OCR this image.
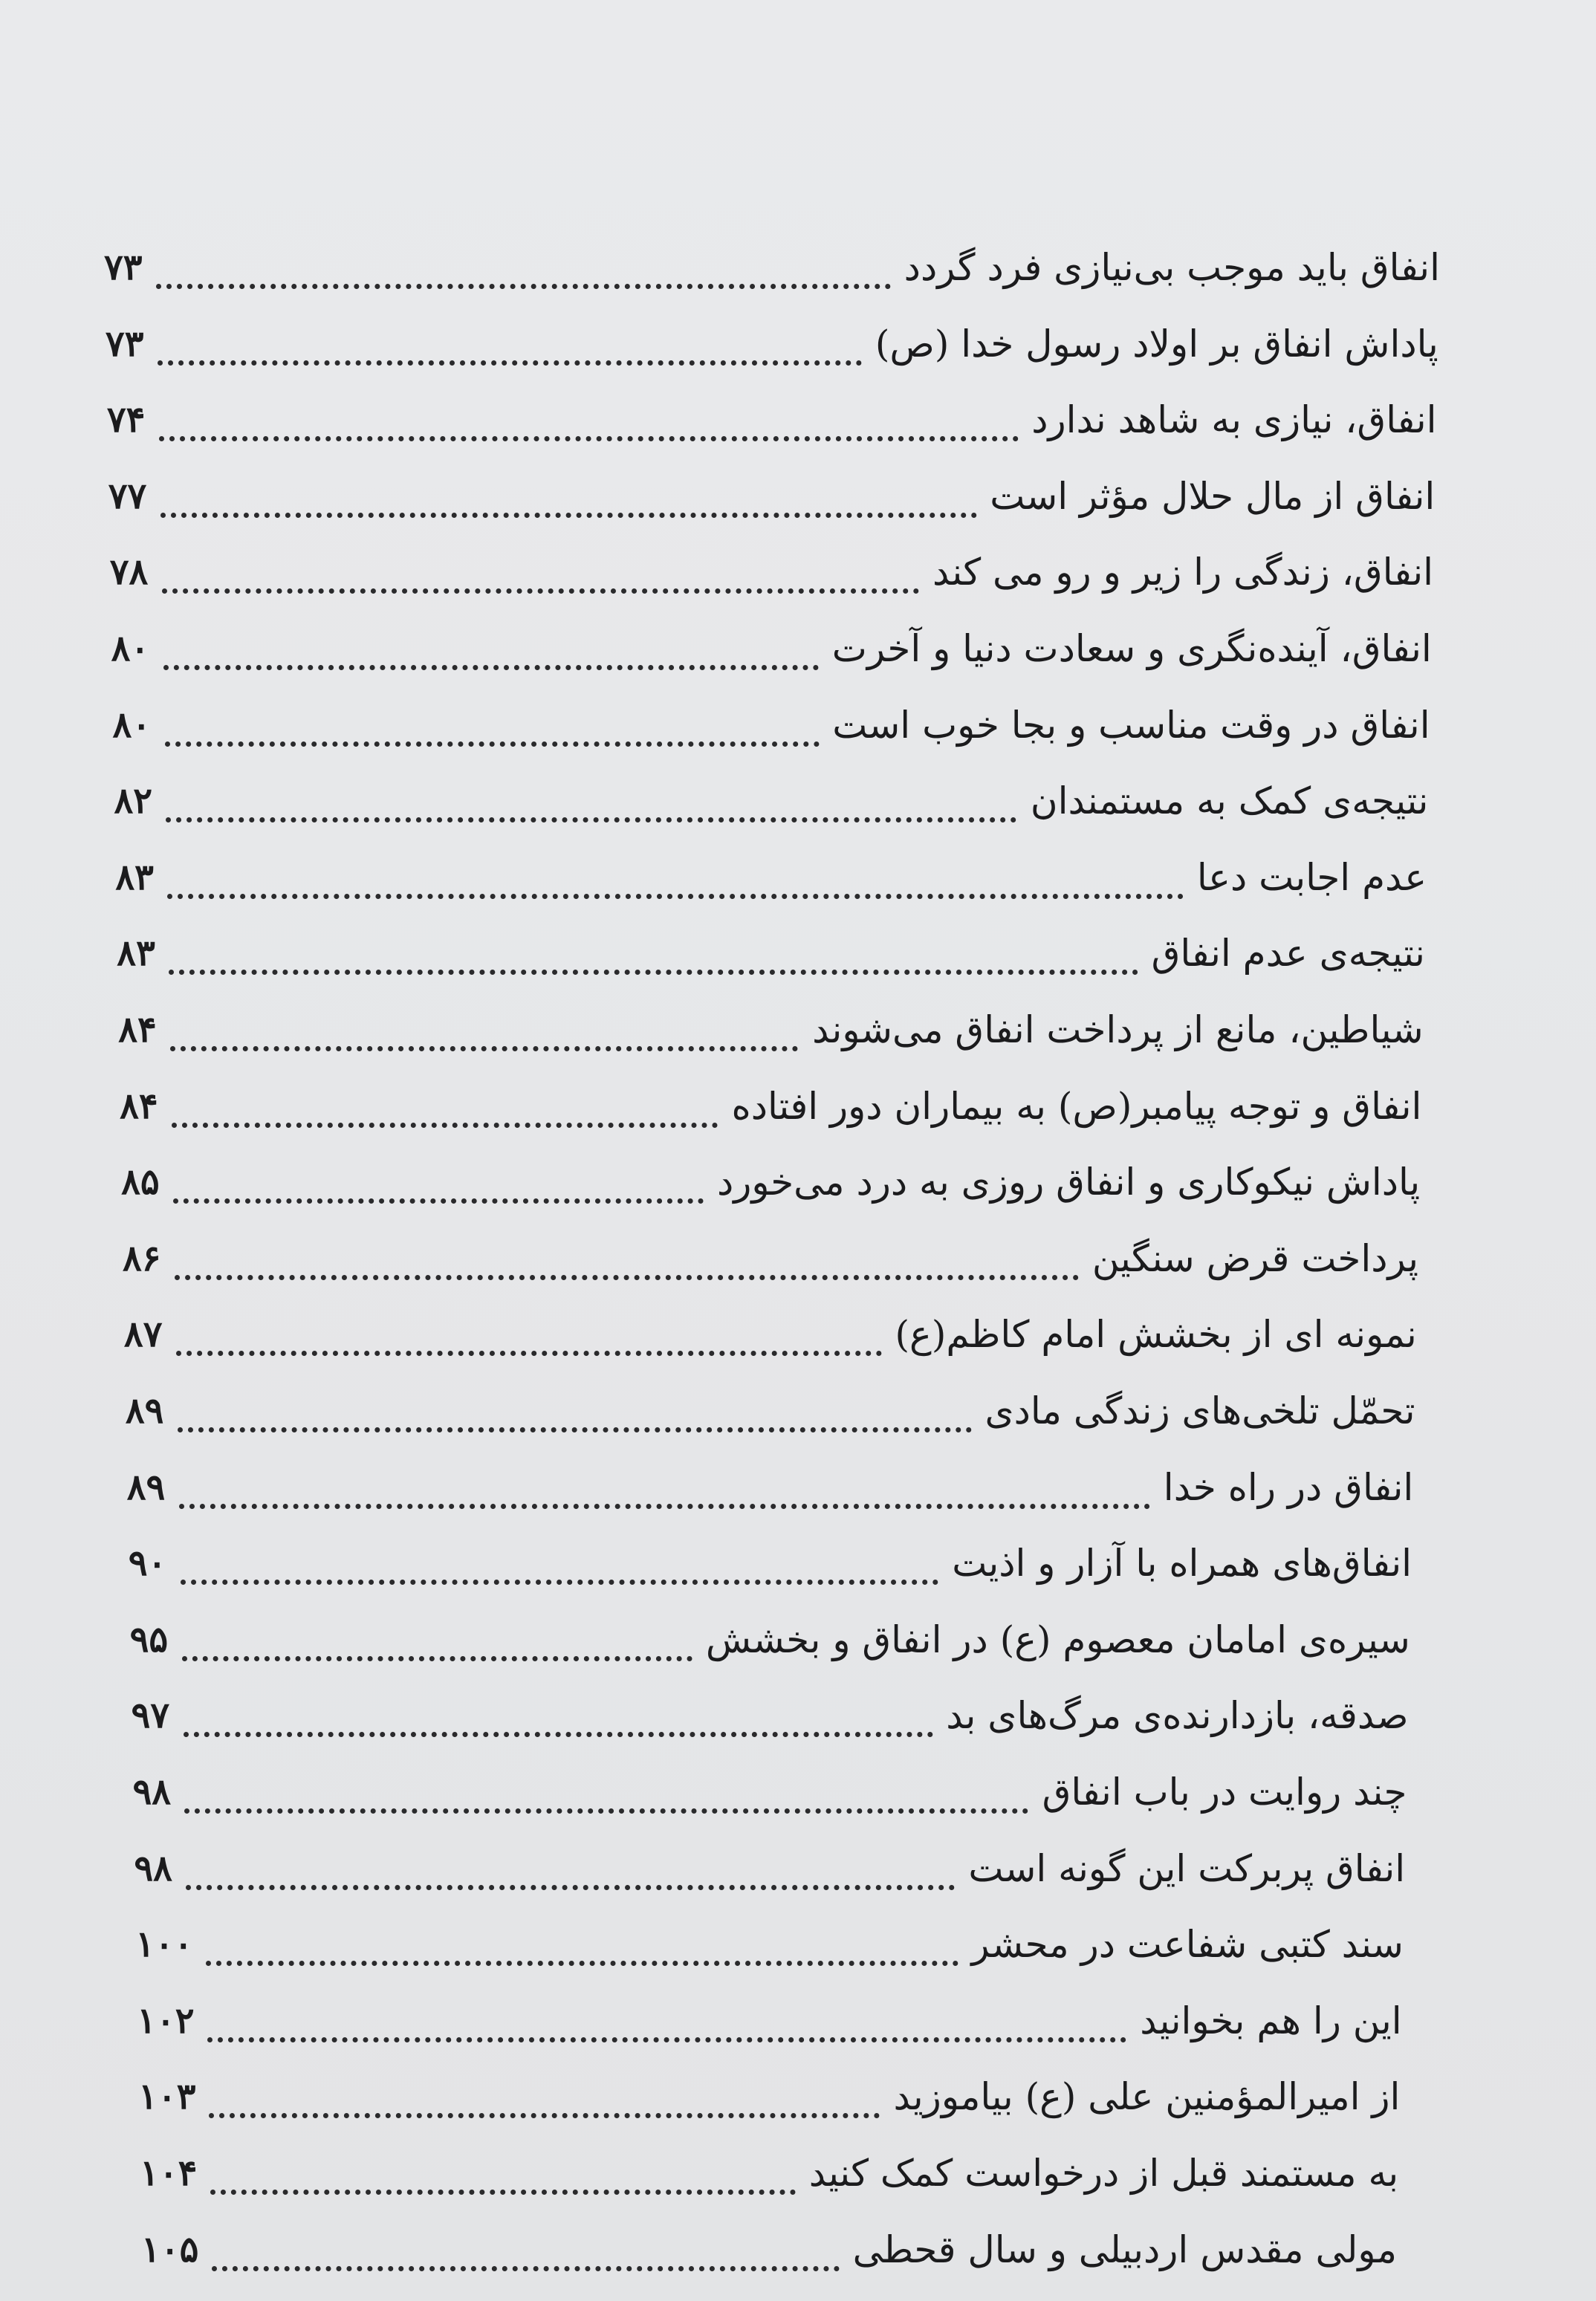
انفاق باید موجب بی‌نیازی فرد گردد
۷۳
پاداش انفاق بر اولاد رسول خدا (ص)
۷۳
انفاق، نیازی به شاهد ندارد
۷۴
انفاق از مال حلال مؤثر است
۷۷
انفاق، زندگی را زیر و رو می کند
۷۸
انفاق، آینده‌نگری و سعادت دنیا و آخرت
۸۰
انفاق در وقت مناسب و بجا خوب است
۸۰
نتیجه‌ی کمک به مستمندان
۸۲
عدم اجابت دعا
۸۳
نتیجه‌ی عدم انفاق
۸۳
شیاطین، مانع از پرداخت انفاق می‌شوند
۸۴
انفاق و توجه پیامبر(ص) به بیماران دور افتاده
۸۴
پاداش نیکوکاری و انفاق روزی به درد می‌خورد
۸۵
پرداخت قرض سنگین
۸۶
نمونه ای از بخشش امام کاظم(ع)
۸۷
تحمّل تلخی‌های زندگی مادی
۸۹
انفاق در راه خدا
۸۹
انفاق‌های همراه با آزار و اذیت
۹۰
سیره‌ی امامان معصوم (ع) در انفاق و بخشش
۹۵
صدقه، بازدارنده‌ی مرگ‌های بد
۹۷
چند روایت در باب انفاق
۹۸
انفاق پربرکت این گونه است
۹۸
سند کتبی شفاعت در محشر
۱۰۰
این را هم بخوانید
۱۰۲
از امیرالمؤمنین علی (ع) بیاموزید
۱۰۳
به مستمند قبل از درخواست کمک کنید
۱۰۴
مولی مقدس اردبیلی و سال قحطی
۱۰۵
